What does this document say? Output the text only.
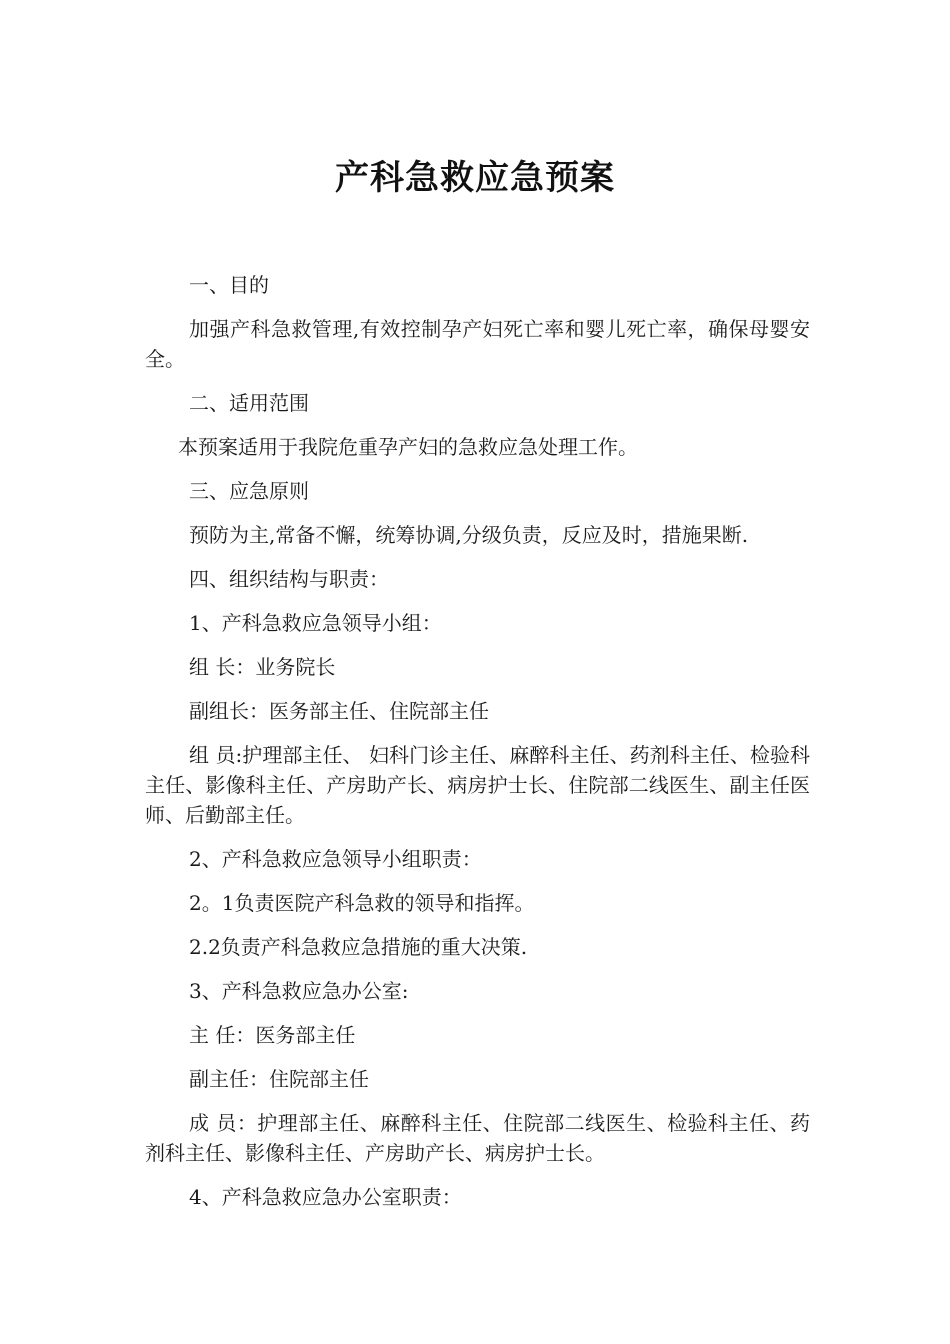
产科急救应急预案

一、目的

加强产科急救管理,有效控制孕产妇死亡率和婴儿死亡率，确保母婴安全。

二、适用范围

本预案适用于我院危重孕产妇的急救应急处理工作。

三、应急原则

预防为主,常备不懈，统筹协调,分级负责，反应及时，措施果断.

四、组织结构与职责：

1、产科急救应急领导小组：

组 长：业务院长

副组长：医务部主任、住院部主任

组 员:护理部主任、 妇科门诊主任、麻醉科主任、药剂科主任、检验科主任、影像科主任、产房助产长、病房护士长、住院部二线医生、副主任医师、后勤部主任。

2、产科急救应急领导小组职责：

2。1负责医院产科急救的领导和指挥。

2.2负责产科急救应急措施的重大决策.

3、产科急救应急办公室:

主 任：医务部主任

副主任：住院部主任

成 员：护理部主任、麻醉科主任、住院部二线医生、检验科主任、药剂科主任、影像科主任、产房助产长、病房护士长。

4、产科急救应急办公室职责：
